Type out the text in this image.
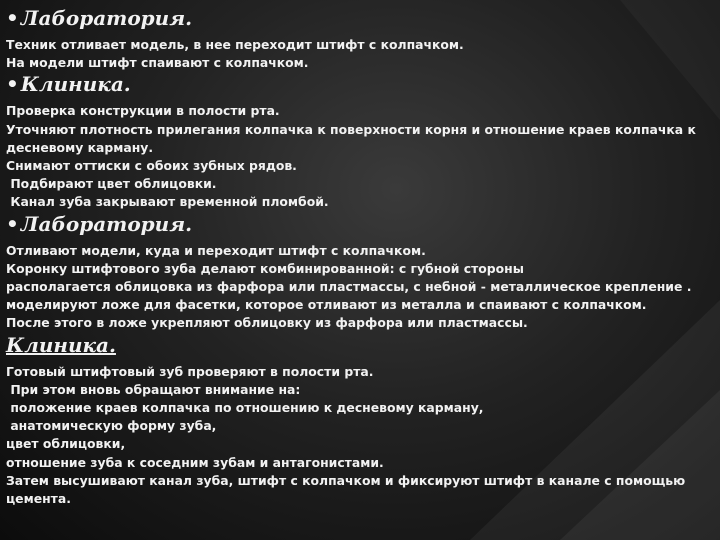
• Лаборатория.

Техник отливает модель, в нее переходит штифт с колпачком.

На модели штифт спаивают с колпачком.

• Клиника.

Проверка конструкции в полости рта.

Уточняют плотность прилегания колпачка к поверхности корня и отношение краев колпачка к

десневому карману.

Снимают оттиски с обоих зубных рядов.

Подбирают цвет облицовки.

Канал зуба закрывают временной пломбой.

• Лаборатория.

Отливают модели, куда и переходит штифт с колпачком.

Коронку штифтового зуба делают комбинированной: с губной стороны

располагается облицовка из фарфора или пластмассы, с небной - металлическое крепление .

моделируют ложе для фасетки, которое отливают из металла и спаивают с колпачком.

После этого в ложе укрепляют облицовку из фарфора или пластмассы.

Клиника.

Готовый штифтовый зуб проверяют в полости рта.

При этом вновь обращают внимание на:

положение краев колпачка по отношению к десневому карману,

анатомическую форму зуба,

цвет облицовки,

отношение зуба к соседним зубам и антагонистами.

Затем высушивают канал зуба, штифт с колпачком и фиксируют штифт в канале с помощью

цемента.
